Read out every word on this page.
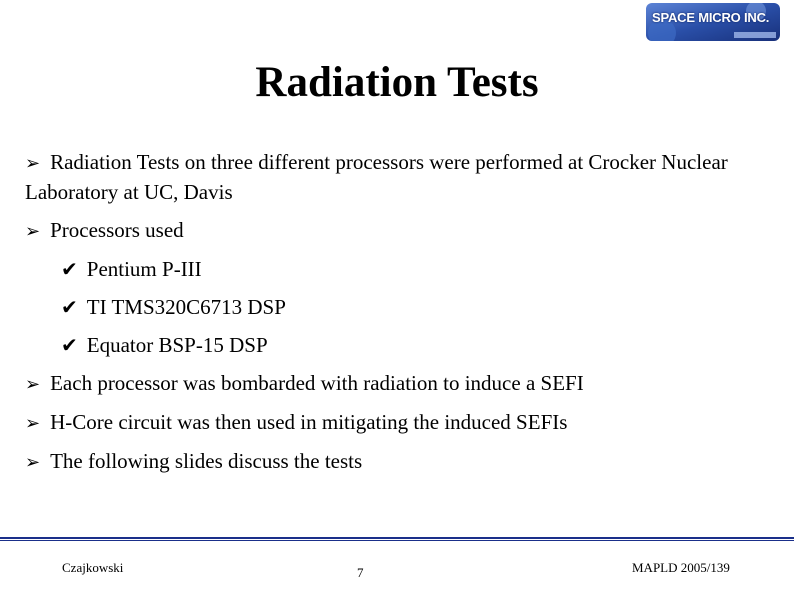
SPACE MICRO INC.
Radiation Tests
➢ Radiation Tests on three different processors were performed at Crocker Nuclear Laboratory at UC, Davis
➢ Processors used
✔ Pentium P-III
✔ TI TMS320C6713 DSP
✔ Equator BSP-15 DSP
➢ Each processor was bombarded with radiation to induce a SEFI
➢ H-Core circuit was then used in mitigating the induced SEFIs
➢ The following slides discuss the tests
Czajkowski	7	MAPLD 2005/139
